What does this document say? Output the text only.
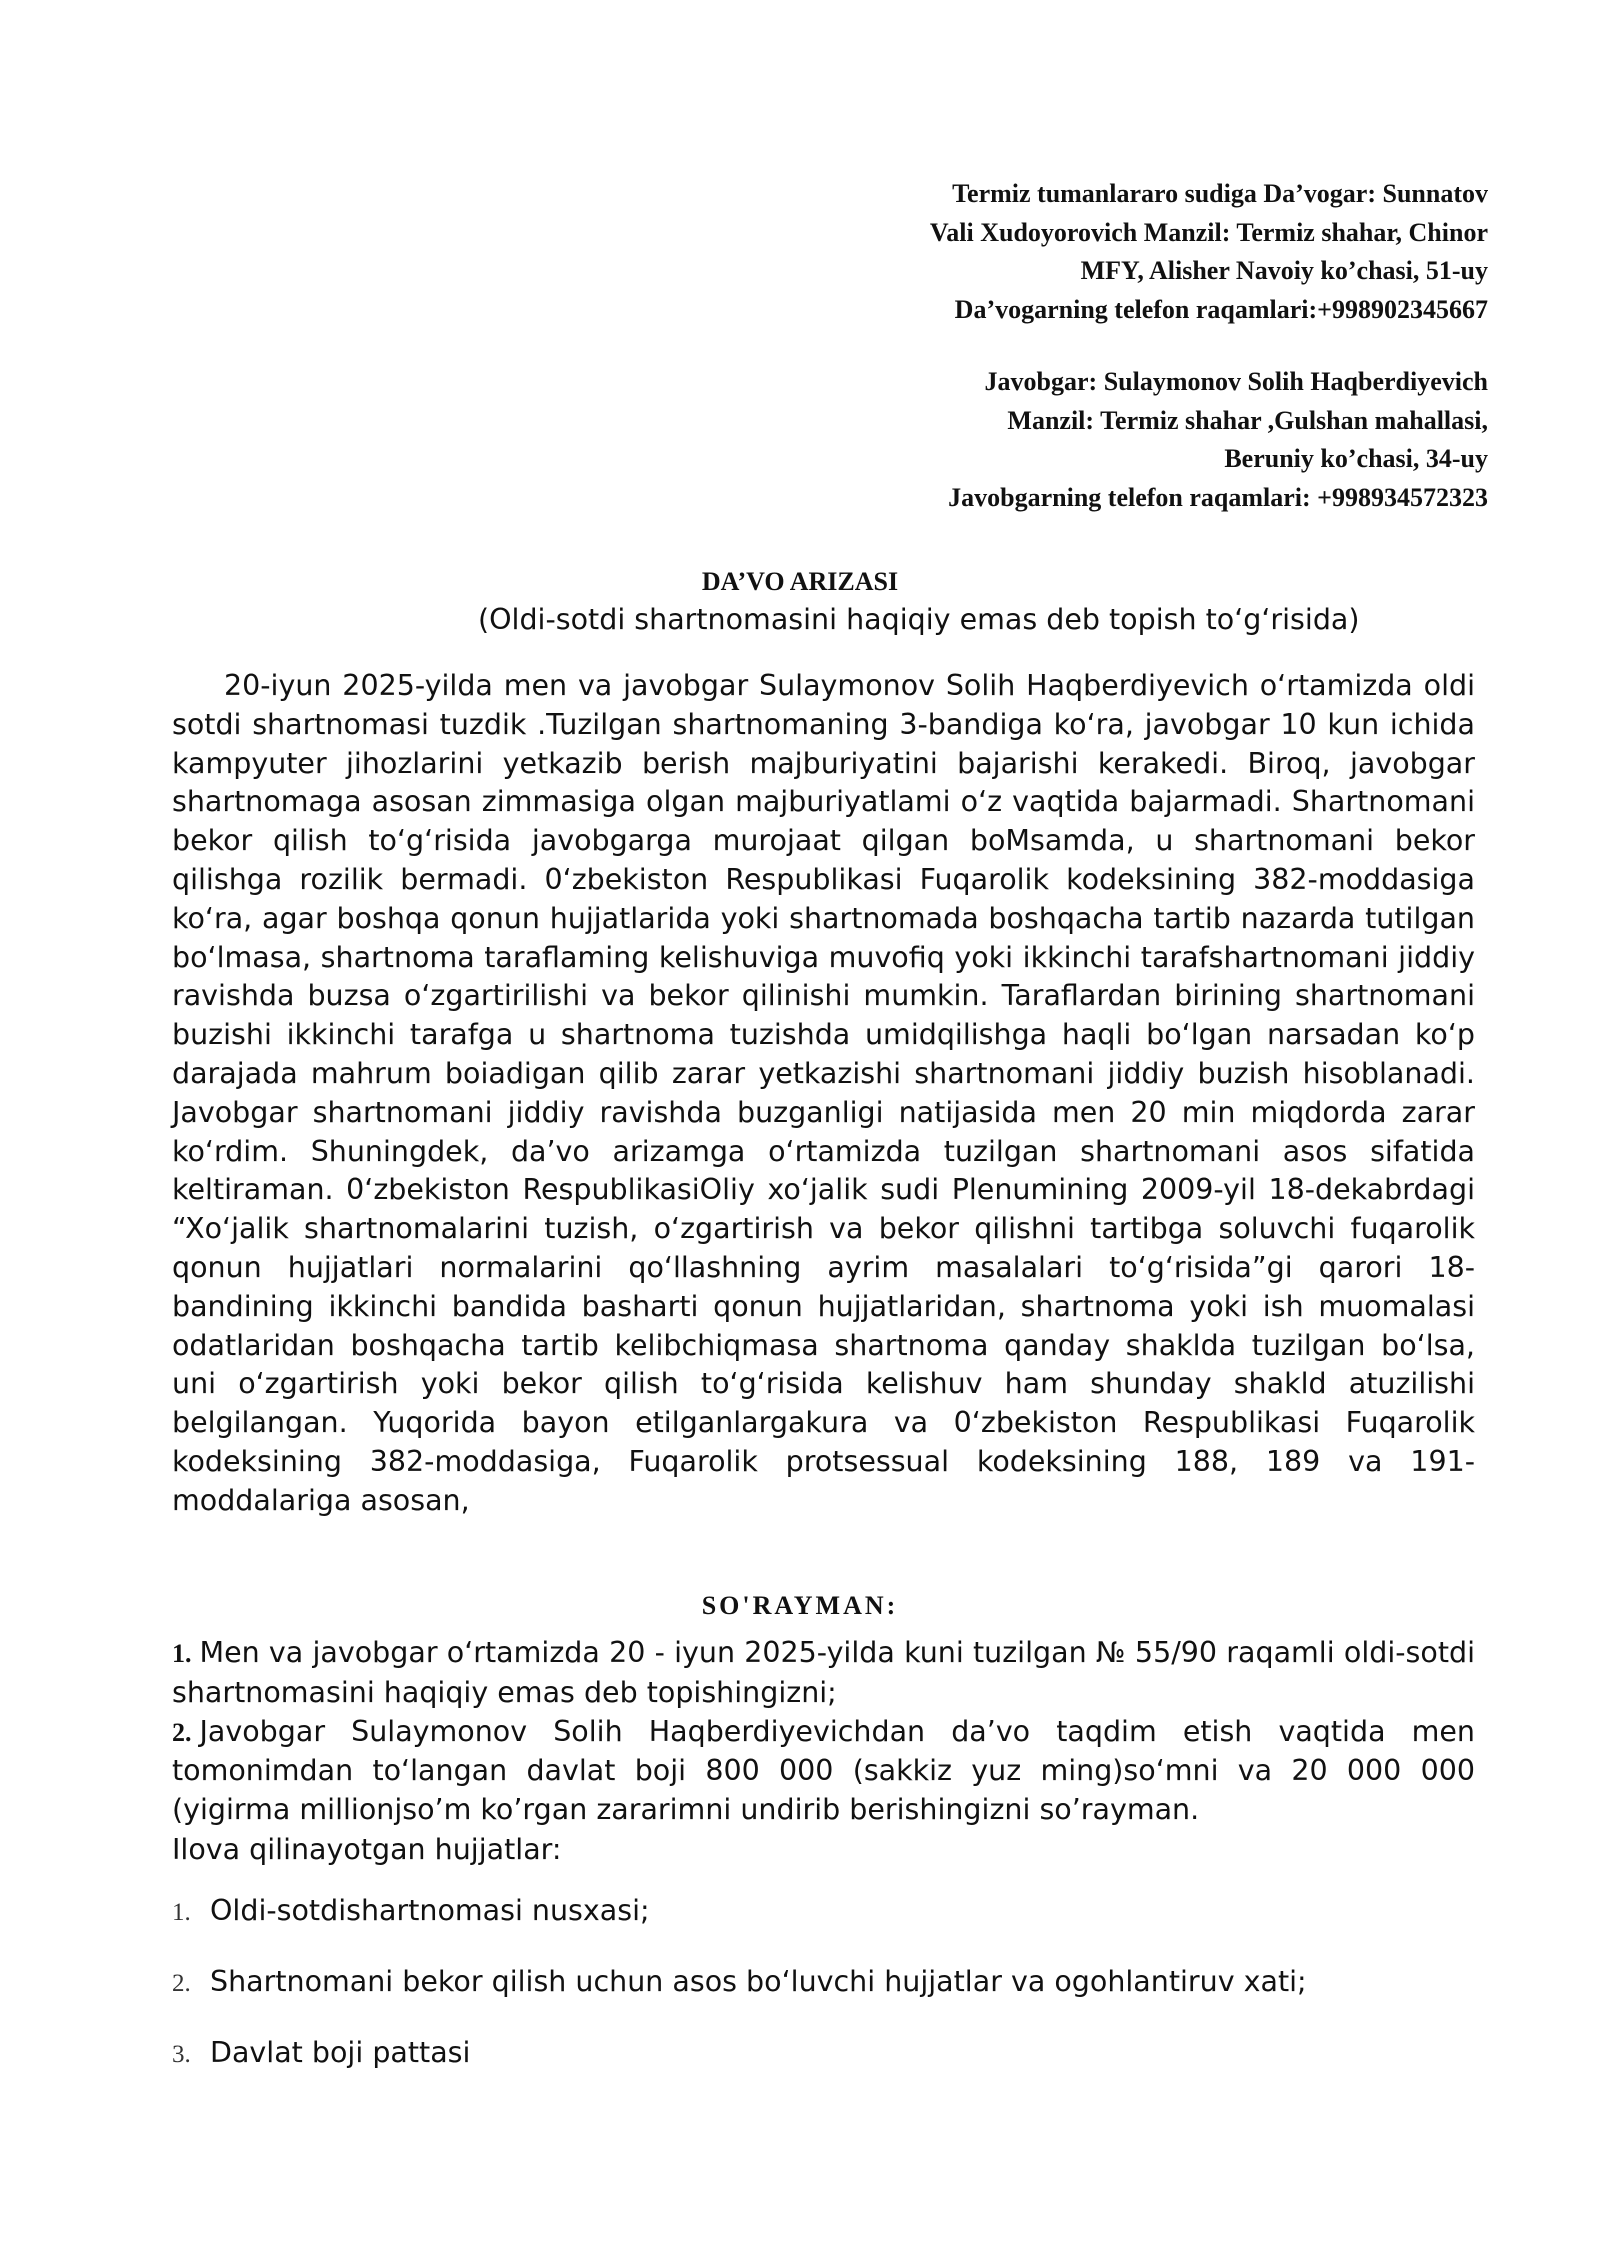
Termiz tumanlararo sudiga Da’vogar: Sunnatov
Vali Xudoyorovich Manzil: Termiz shahar, Chinor
MFY, Alisher Navoiy ko’chasi, 51-uy
Da’vogarning telefon raqamlari:+998902345667
Javobgar: Sulaymonov Solih Haqberdiyevich
Manzil: Termiz shahar ,Gulshan mahallasi,
Beruniy ko’chasi, 34-uy
Javobgarning telefon raqamlari: +998934572323
DA’VO ARIZASI
(Oldi-sotdi shartnomasini haqiqiy emas deb topish to‘g‘risida)

20-iyun 2025-yilda men va javobgar Sulaymonov Solih Haqberdiyevich o‘rtamizda oldi sotdi shartnomasi tuzdik .Tuzilgan shartnomaning 3-bandiga ko‘ra, javobgar 10 kun ichida kampyuter jihozlarini yetkazib berish majburiyatini bajarishi kerakedi. Biroq, javobgar shartnomaga asosan zimmasiga olgan majburiyatlami o‘z vaqtida bajarmadi. Shartnomani bekor qilish to‘g‘risida javobgarga murojaat qilgan boMsamda, u shartnomani bekor qilishga rozilik bermadi. 0‘zbekiston Respublikasi Fuqarolik kodeksining 382-moddasiga ko‘ra, agar boshqa qonun hujjatlarida yoki shartnomada boshqacha tartib nazarda tutilgan bo‘lmasa, shartnoma taraflaming kelishuviga muvofiq yoki ikkinchi tarafshartnomani jiddiy ravishda buzsa o‘zgartirilishi va bekor qilinishi mumkin. Taraflardan birining shartnomani buzishi ikkinchi tarafga u shartnoma tuzishda umidqilishga haqli bo‘lgan narsadan ko‘p darajada mahrum boiadigan qilib zarar yetkazishi shartnomani jiddiy buzish hisoblanadi. Javobgar shartnomani jiddiy ravishda buzganligi natijasida men 20 min miqdorda zarar ko‘rdim. Shuningdek, da’vo arizamga o‘rtamizda tuzilgan shartnomani asos sifatida keltiraman. 0‘zbekiston RespublikasiOliy xo‘jalik sudi Plenumining 2009-yil 18-dekabrdagi “Xo‘jalik shartnomalarini tuzish, o‘zgartirish va bekor qilishni tartibga soluvchi fuqarolik qonun hujjatlari normalarini qo‘llashning ayrim masalalari to‘g‘risida”gi qarori 18-bandining ikkinchi bandida basharti qonun hujjatlaridan, shartnoma yoki ish muomalasi odatlaridan boshqacha tartib kelibchiqmasa shartnoma qanday shaklda tuzilgan bo‘lsa, uni o‘zgartirish yoki bekor qilish to‘g‘risida kelishuv ham shunday shakld atuzilishi belgilangan. Yuqorida bayon etilganlargakura va 0‘zbekiston Respublikasi Fuqarolik kodeksining 382-moddasiga, Fuqarolik protsessual kodeksining 188, 189 va 191-moddalariga asosan,

SO'RAYMAN:

1. Men va javobgar o‘rtamizda 20 - iyun 2025-yilda kuni tuzilgan № 55/90 raqamli oldi-sotdi shartnomasini haqiqiy emas deb topishingizni;

2. Javobgar Sulaymonov Solih Haqberdiyevichdan da’vo taqdim etish vaqtida men tomonimdan to‘langan davlat boji 800 000 (sakkiz yuz ming)so‘mni va 20 000 000 (yigirma millionjso’m ko’rgan zararimni undirib berishingizni so’rayman.

Ilova qilinayotgan hujjatlar:
1. Oldi-sotdishartnomasi nusxasi;
2. Shartnomani bekor qilish uchun asos bo‘luvchi hujjatlar va ogohlantiruv xati;
3. Davlat boji pattasi
